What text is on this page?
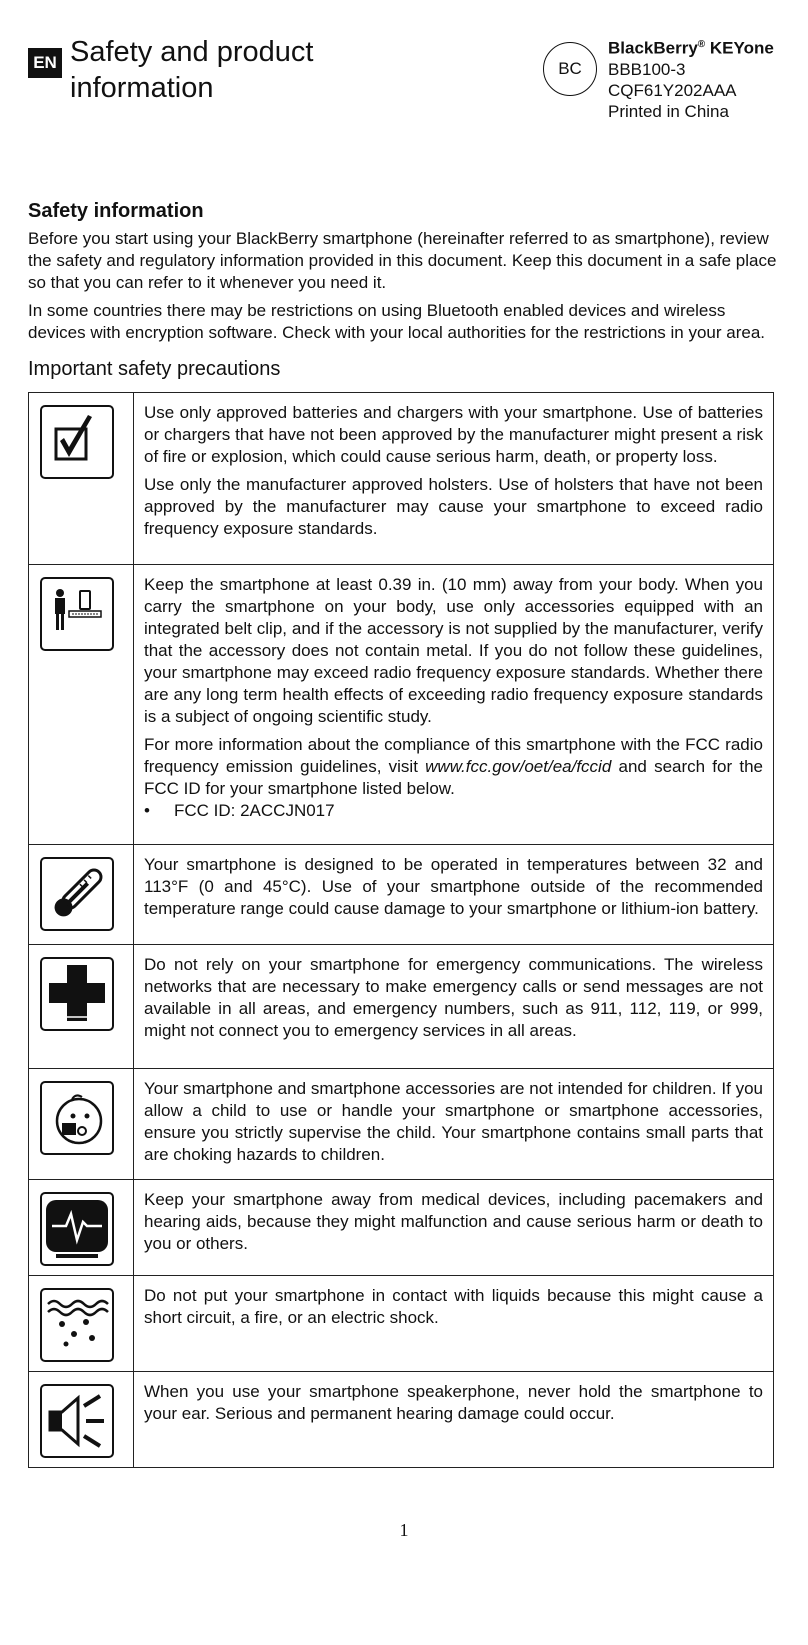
EN Safety and product information
BC
BlackBerry® KEYone
BBB100-3
CQF61Y202AAA
Printed in China
Safety information

Before you start using your BlackBerry smartphone (hereinafter referred to as smartphone), review the safety and regulatory information provided in this document. Keep this document in a safe place so that you can refer to it whenever you need it.

In some countries there may be restrictions on using Bluetooth enabled devices and wireless devices with encryption software. Check with your local authorities for the restrictions in your area.

Important safety precautions

Use only approved batteries and chargers with your smartphone. Use of batteries or chargers that have not been approved by the manufacturer might present a risk of fire or explosion, which could cause serious harm, death, or property loss.

Use only the manufacturer approved holsters. Use of holsters that have not been approved by the manufacturer may cause your smartphone to exceed radio frequency exposure standards.

Keep the smartphone at least 0.39 in. (10 mm) away from your body. When you carry the smartphone on your body, use only accessories equipped with an integrated belt clip, and if the accessory is not supplied by the manufacturer, verify that the accessory does not contain metal. If you do not follow these guidelines, your smartphone may exceed radio frequency exposure standards. Whether there are any long term health effects of exceeding radio frequency exposure standards is a subject of ongoing scientific study.

For more information about the compliance of this smartphone with the FCC radio frequency emission guidelines, visit www.fcc.gov/oet/ea/fccid and search for the FCC ID for your smartphone listed below.

• FCC ID: 2ACCJN017

Your smartphone is designed to be operated in temperatures between 32 and 113°F (0 and 45°C). Use of your smartphone outside of the recommended temperature range could cause damage to your smartphone or lithium-ion battery.

Do not rely on your smartphone for emergency communications. The wireless networks that are necessary to make emergency calls or send messages are not available in all areas, and emergency numbers, such as 911, 112, 119, or 999, might not connect you to emergency services in all areas.

Your smartphone and smartphone accessories are not intended for children. If you allow a child to use or handle your smartphone or smartphone accessories, ensure you strictly supervise the child. Your smartphone contains small parts that are choking hazards to children.

Keep your smartphone away from medical devices, including pacemakers and hearing aids, because they might malfunction and cause serious harm or death to you or others.

Do not put your smartphone in contact with liquids because this might cause a short circuit, a fire, or an electric shock.

When you use your smartphone speakerphone, never hold the smartphone to your ear. Serious and permanent hearing damage could occur.

1
